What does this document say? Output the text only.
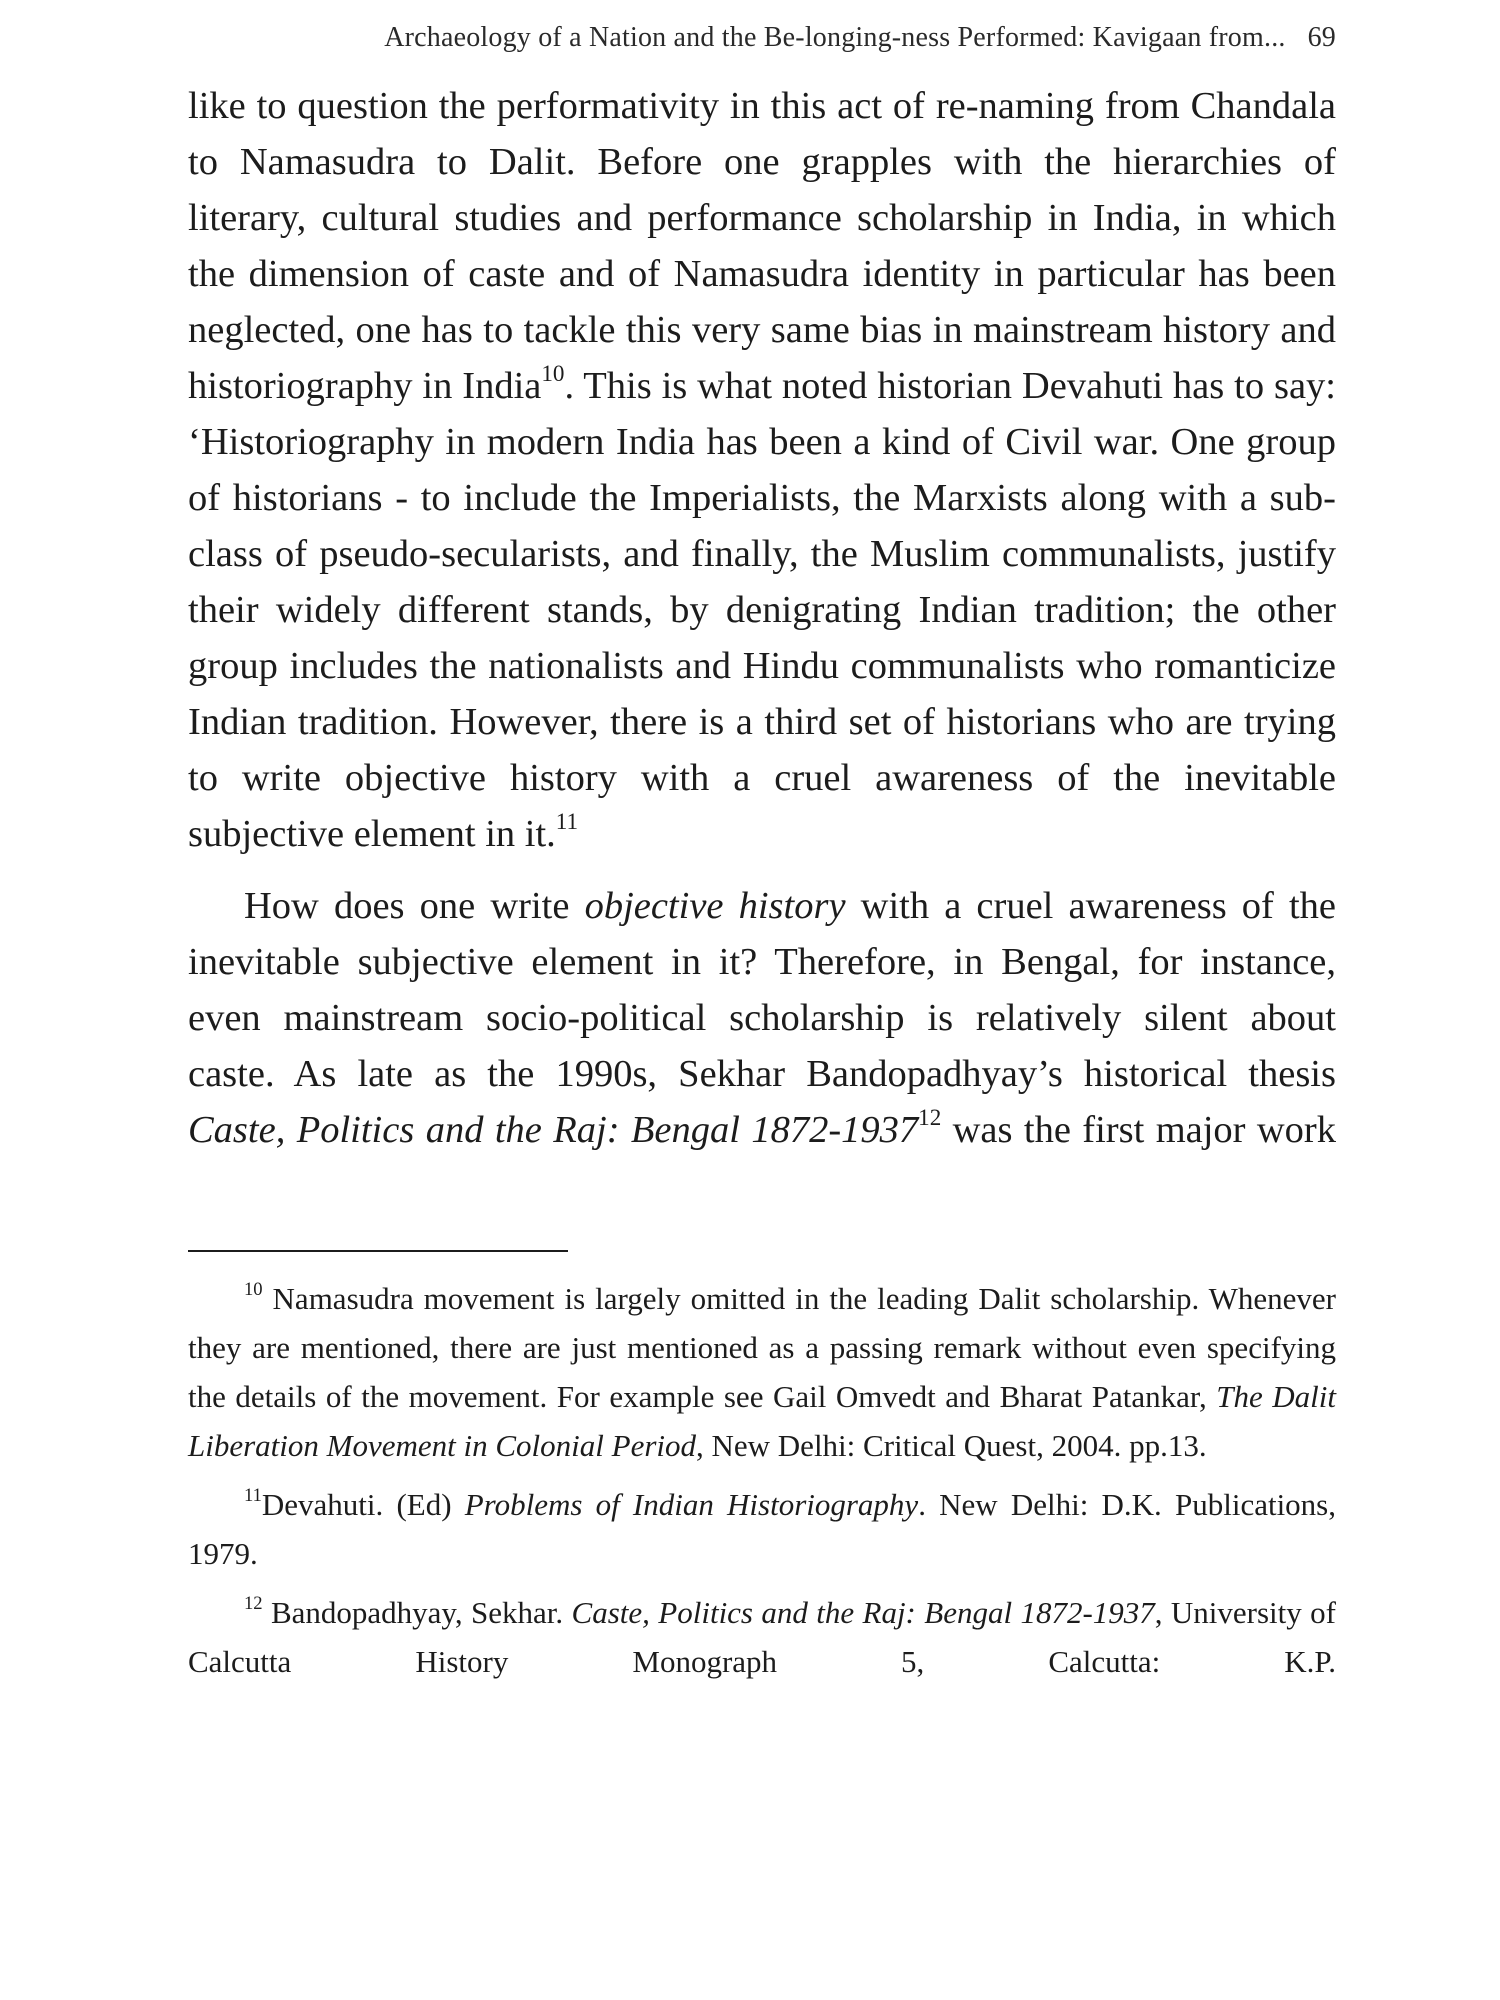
Archaeology of a Nation and the Be-longing-ness Performed: Kavigaan from... 69

like to question the performativity in this act of re-naming from Chandala to Namasudra to Dalit. Before one grapples with the hierarchies of literary, cultural studies and performance scholarship in India, in which the dimension of caste and of Namasudra identity in particular has been neglected, one has to tackle this very same bias in mainstream history and historiography in India$^{10}$. This is what noted historian Devahuti has to say: ‘Historiography in modern India has been a kind of Civil war. One group of historians - to include the Imperialists, the Marxists along with a sub-class of pseudo-secularists, and finally, the Muslim communalists, justify their widely different stands, by denigrating Indian tradition; the other group includes the nationalists and Hindu communalists who romanticize Indian tradition. However, there is a third set of historians who are trying to write objective history with a cruel awareness of the inevitable subjective element in it.$^{11}$

How does one write objective history with a cruel awareness of the inevitable subjective element in it? Therefore, in Bengal, for instance, even mainstream socio-political scholarship is relatively silent about caste. As late as the 1990s, Sekhar Bandopadhyay’s historical thesis Caste, Politics and the Raj: Bengal 1872-1937$^{12}$ was the first major work

$^{10}$ Namasudra movement is largely omitted in the leading Dalit scholarship. Whenever they are mentioned, there are just mentioned as a passing remark without even specifying the details of the movement. For example see Gail Omvedt and Bharat Patankar, The Dalit Liberation Movement in Colonial Period, New Delhi: Critical Quest, 2004. pp.13.

$^{11}$Devahuti. (Ed) Problems of Indian Historiography. New Delhi: D.K. Publications, 1979.

$^{12}$ Bandopadhyay, Sekhar. Caste, Politics and the Raj: Bengal 1872-1937, University of Calcutta History Monograph 5, Calcutta: K.P.
